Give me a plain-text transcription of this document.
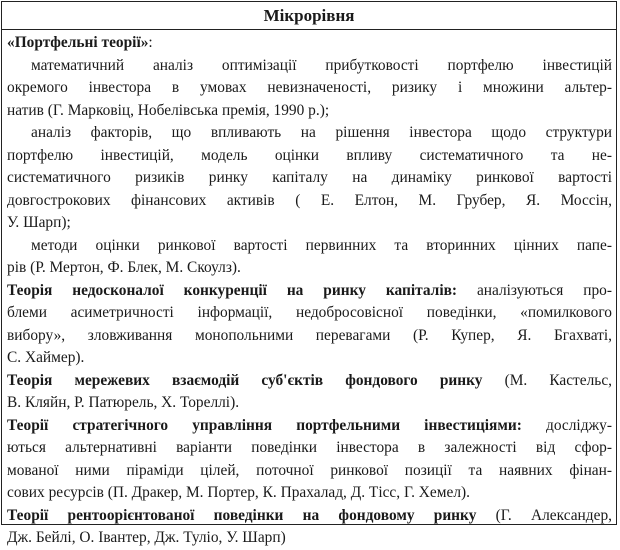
Мікрорівня
«Портфельні теорії»:
математичний аналіз оптимізації прибутковості портфелю інвестицій
окремого інвестора в умовах невизначеності, ризику і множини альтер-
натив (Г. Марковіц, Нобелівська премія, 1990 р.);
аналіз факторів, що впливають на рішення інвестора щодо структури
портфелю інвестицій, модель оцінки впливу систематичного та не-
систематичного ризиків ринку капіталу на динаміку ринкової вартості
довгострокових фінансових активів ( Е. Елтон, М. Грубер, Я. Моссін,
У. Шарп);
методи оцінки ринкової вартості первинних та вторинних цінних папе-
рів (Р. Мертон, Ф. Блек, М. Скоулз).
Теорія недосконалої конкуренції на ринку капіталів: аналізуються про-
блеми асиметричності інформації, недобросовісної поведінки, «помилкового
вибору», зловживання монопольними перевагами (Р. Купер, Я. Бгахваті,
С. Хаймер).
Теорія мережевих взаємодій суб'єктів фондового ринку (М. Кастельс,
В. Кляйн, Р. Патюрель, Х. Тореллі).
Теорії стратегічного управління портфельними інвестиціями: дослiджу-
ються альтернативні варіанти поведінки інвестора в залежності від сфор-
мованої ними піраміди цілей, поточної ринкової позиції та наявних фінан-
сових ресурсів (П. Дракер, М. Портер, К. Прахалад, Д. Тісс, Г. Хемел).
Теорії рентоорієнтованої поведінки на фондовому ринку (Г. Александер,
Дж. Бейлі, О. Івантер, Дж. Туліо, У. Шарп)
